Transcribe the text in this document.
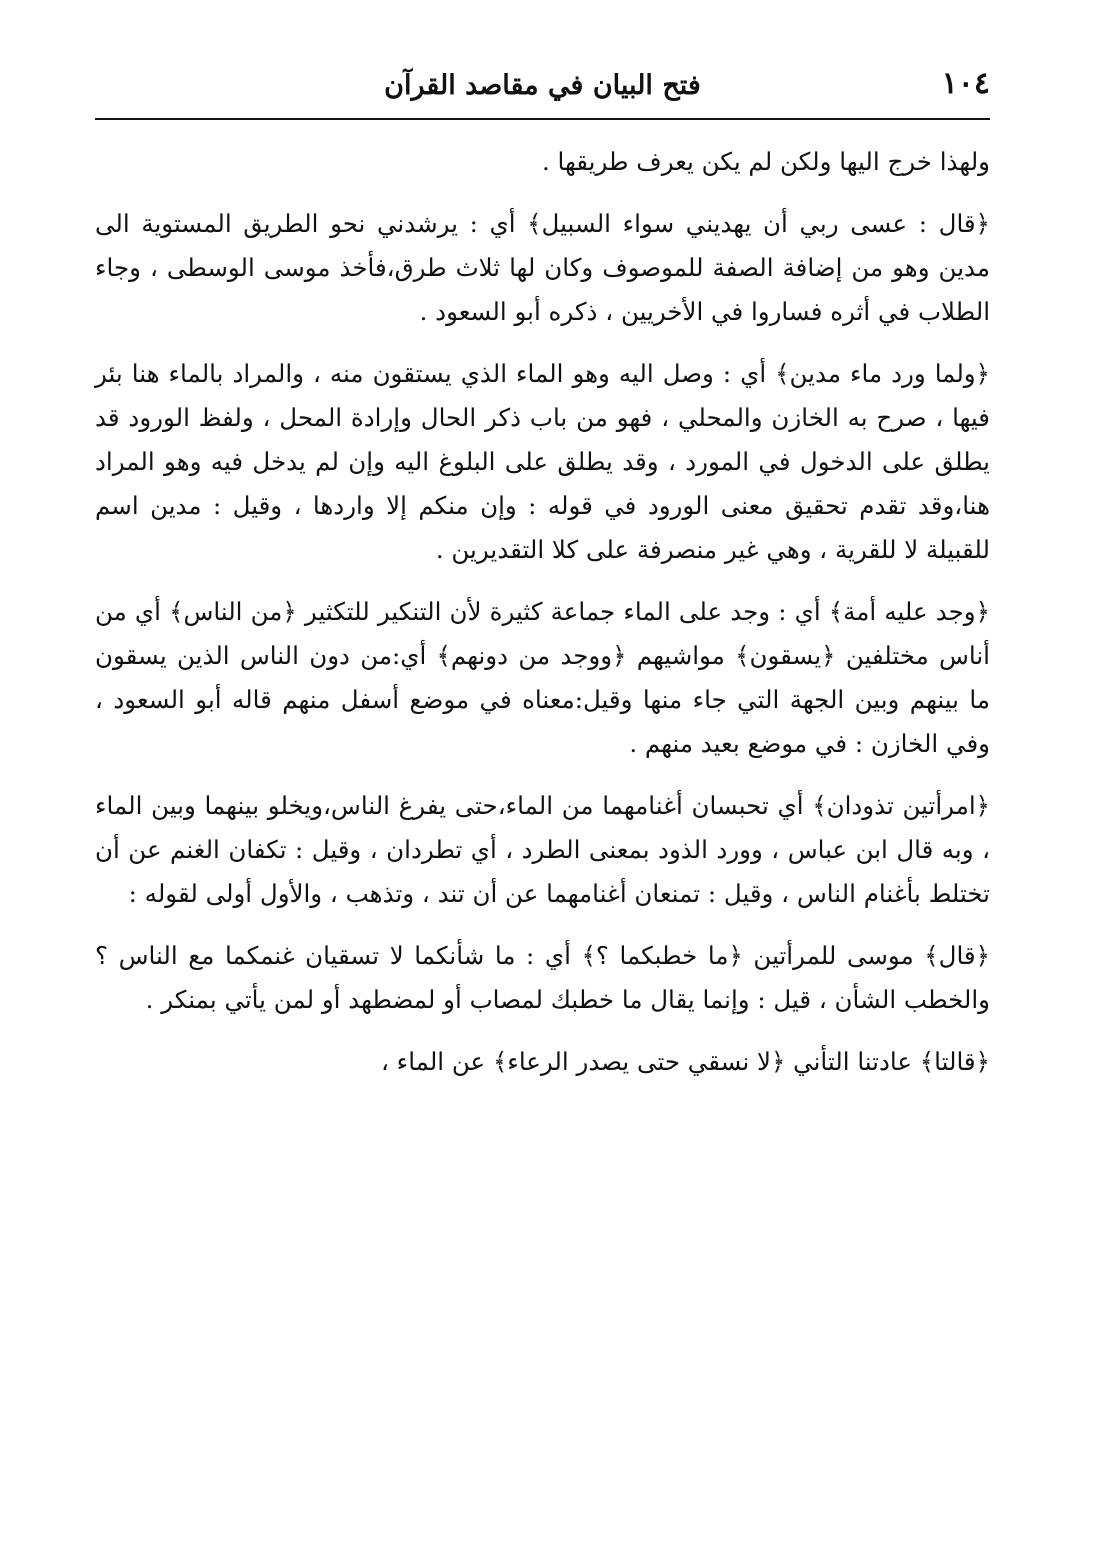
١٠٤
فتح البيان في مقاصد القرآن

ولهذا خرج اليها ولكن لم يكن يعرف طريقها .

﴿قال : عسى ربي أن يهديني سواء السبيل﴾ أي : يرشدني نحو الطريق المستوية الى مدين وهو من إضافة الصفة للموصوف وكان لها ثلاث طرق،فأخذ موسى الوسطى ، وجاء الطلاب في أثره فساروا في الأخريين ، ذكره أبو السعود .

﴿ولما ورد ماء مدين﴾ أي : وصل اليه وهو الماء الذي يستقون منه ، والمراد بالماء هنا بئر فيها ، صرح به الخازن والمحلي ، فهو من باب ذكر الحال وإرادة المحل ، ولفظ الورود قد يطلق على الدخول في المورد ، وقد يطلق على البلوغ اليه وإن لم يدخل فيه وهو المراد هنا،وقد تقدم تحقيق معنى الورود في قوله : وإن منكم إلا واردها ، وقيل : مدين اسم للقبيلة لا للقرية ، وهي غير منصرفة على كلا التقديرين .

﴿وجد عليه أمة﴾ أي : وجد على الماء جماعة كثيرة لأن التنكير للتكثير ﴿من الناس﴾ أي من أناس مختلفين ﴿يسقون﴾ مواشيهم ﴿ووجد من دونهم﴾ أي:من دون الناس الذين يسقون ما بينهم وبين الجهة التي جاء منها وقيل:معناه في موضع أسفل منهم قاله أبو السعود ، وفي الخازن : في موضع بعيد منهم .

﴿امرأتين تذودان﴾ أي تحبسان أغنامهما من الماء،حتى يفرغ الناس،ويخلو بينهما وبين الماء ، وبه قال ابن عباس ، وورد الذود بمعنى الطرد ، أي تطردان ، وقيل : تكفان الغنم عن أن تختلط بأغنام الناس ، وقيل : تمنعان أغنامهما عن أن تند ، وتذهب ، والأول أولى لقوله :

﴿قال﴾ موسى للمرأتين ﴿ما خطبكما ؟﴾ أي : ما شأنكما لا تسقيان غنمكما مع الناس ؟ والخطب الشأن ، قيل : وإنما يقال ما خطبك لمصاب أو لمضطهد أو لمن يأتي بمنكر .

﴿قالتا﴾ عادتنا التأني ﴿لا نسقي حتى يصدر الرعاء﴾ عن الماء ،
